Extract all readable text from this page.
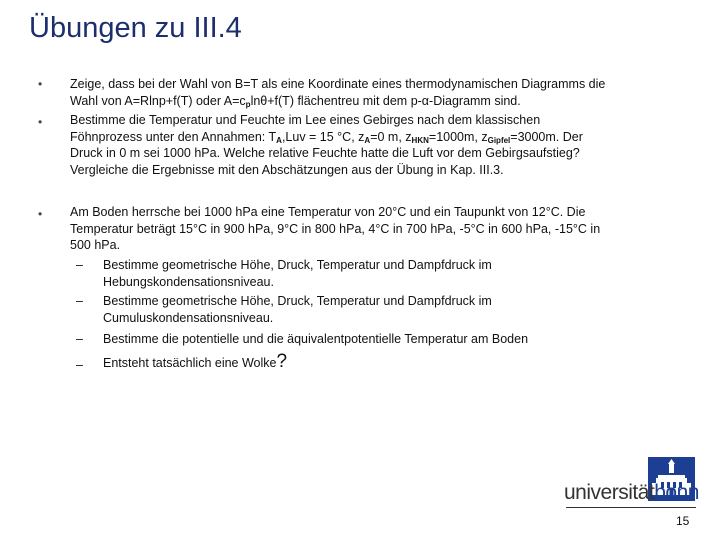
Übungen zu III.4
• Zeige, dass bei der Wahl von B=T als eine Koordinate eines thermodynamischen Diagramms die
Wahl von A=Rlnp+f(T) oder $A=c_p\ln\theta+f(T)$ flächentreu mit dem p-α-Diagramm sind.
• Bestimme die Temperatur und Feuchte im Lee eines Gebirges nach dem klassischen
Föhnprozess unter den Annahmen: $T_A,Luv = 15$ °C, $z_A=0$ m, $z_{HKN}=1000m$, $z_{Gipfel}=3000m$. Der
Druck in 0 m sei 1000 hPa. Welche relative Feuchte hatte die Luft vor dem Gebirgsaufstieg?
Vergleiche die Ergebnisse mit den Abschätzungen aus der Übung in Kap. III.3.
• Am Boden herrsche bei 1000 hPa eine Temperatur von 20°C und ein Taupunkt von 12°C. Die
Temperatur beträgt 15°C in 900 hPa, 9°C in 800 hPa, 4°C in 700 hPa, -5°C in 600 hPa, -15°C in
500 hPa.
– Bestimme geometrische Höhe, Druck, Temperatur und Dampfdruck im
Hebungskondensationsniveau.
– Bestimme geometrische Höhe, Druck, Temperatur und Dampfdruck im
Cumuluskondensationsniveau.
– Bestimme die potentielle und die äquivalentpotentielle Temperatur am Boden
– Entsteht tatsächlich eine Wolke?
universitätbonn
15
